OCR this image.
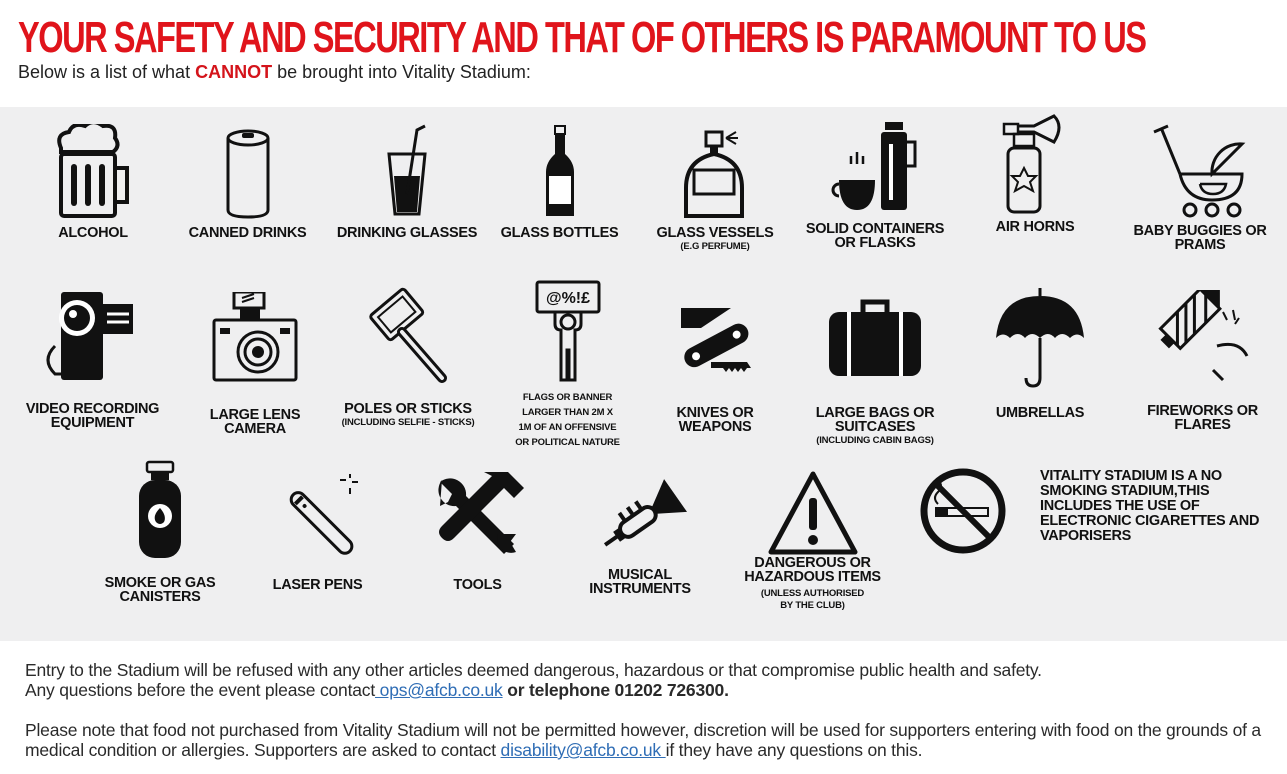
YOUR SAFETY AND SECURITY AND THAT OF OTHERS IS PARAMOUNT TO US
Below is a list of what CANNOT be brought into Vitality Stadium:
ALCOHOL	CANNED DRINKS	DRINKING GLASSES	GLASS BOTTLES	GLASS VESSELS
(E.G PERFUME)
SOLID CONTAINERS OR FLASKS
AIR HORNS	BABY BUGGIES OR PRAMS
VIDEO RECORDING EQUIPMENT	LARGE LENS CAMERA
POLES OR STICKS
(INCLUDING SELFIE - STICKS)
@%!£
FLAGS OR BANNER
LARGER THAN 2M X
1M OF AN OFFENSIVE
OR POLITICAL NATURE
KNIVES OR WEAPONS
LARGE BAGS OR SUITCASES
(INCLUDING CABIN BAGS)
UMBRELLAS	FIREWORKS OR FLARES
SMOKE OR GAS CANISTERS
LASER PENS	TOOLS
MUSICAL INSTRUMENTS
DANGEROUS OR HAZARDOUS ITEMS
(UNLESS AUTHORISED
BY THE CLUB)
VITALITY STADIUM IS A NO SMOKING STADIUM,THIS INCLUDES THE USE OF ELECTRONIC CIGARETTES AND VAPORISERS
Entry to the Stadium will be refused with any other articles deemed dangerous, hazardous or that compromise public health and safety.
Any questions before the event please contact ops@afcb.co.uk or telephone 01202 726300.
Please note that food not purchased from Vitality Stadium will not be permitted however, discretion will be used for supporters entering with food on the grounds of a medical condition or allergies. Supporters are asked to contact disability@afcb.co.uk if they have any questions on this.
